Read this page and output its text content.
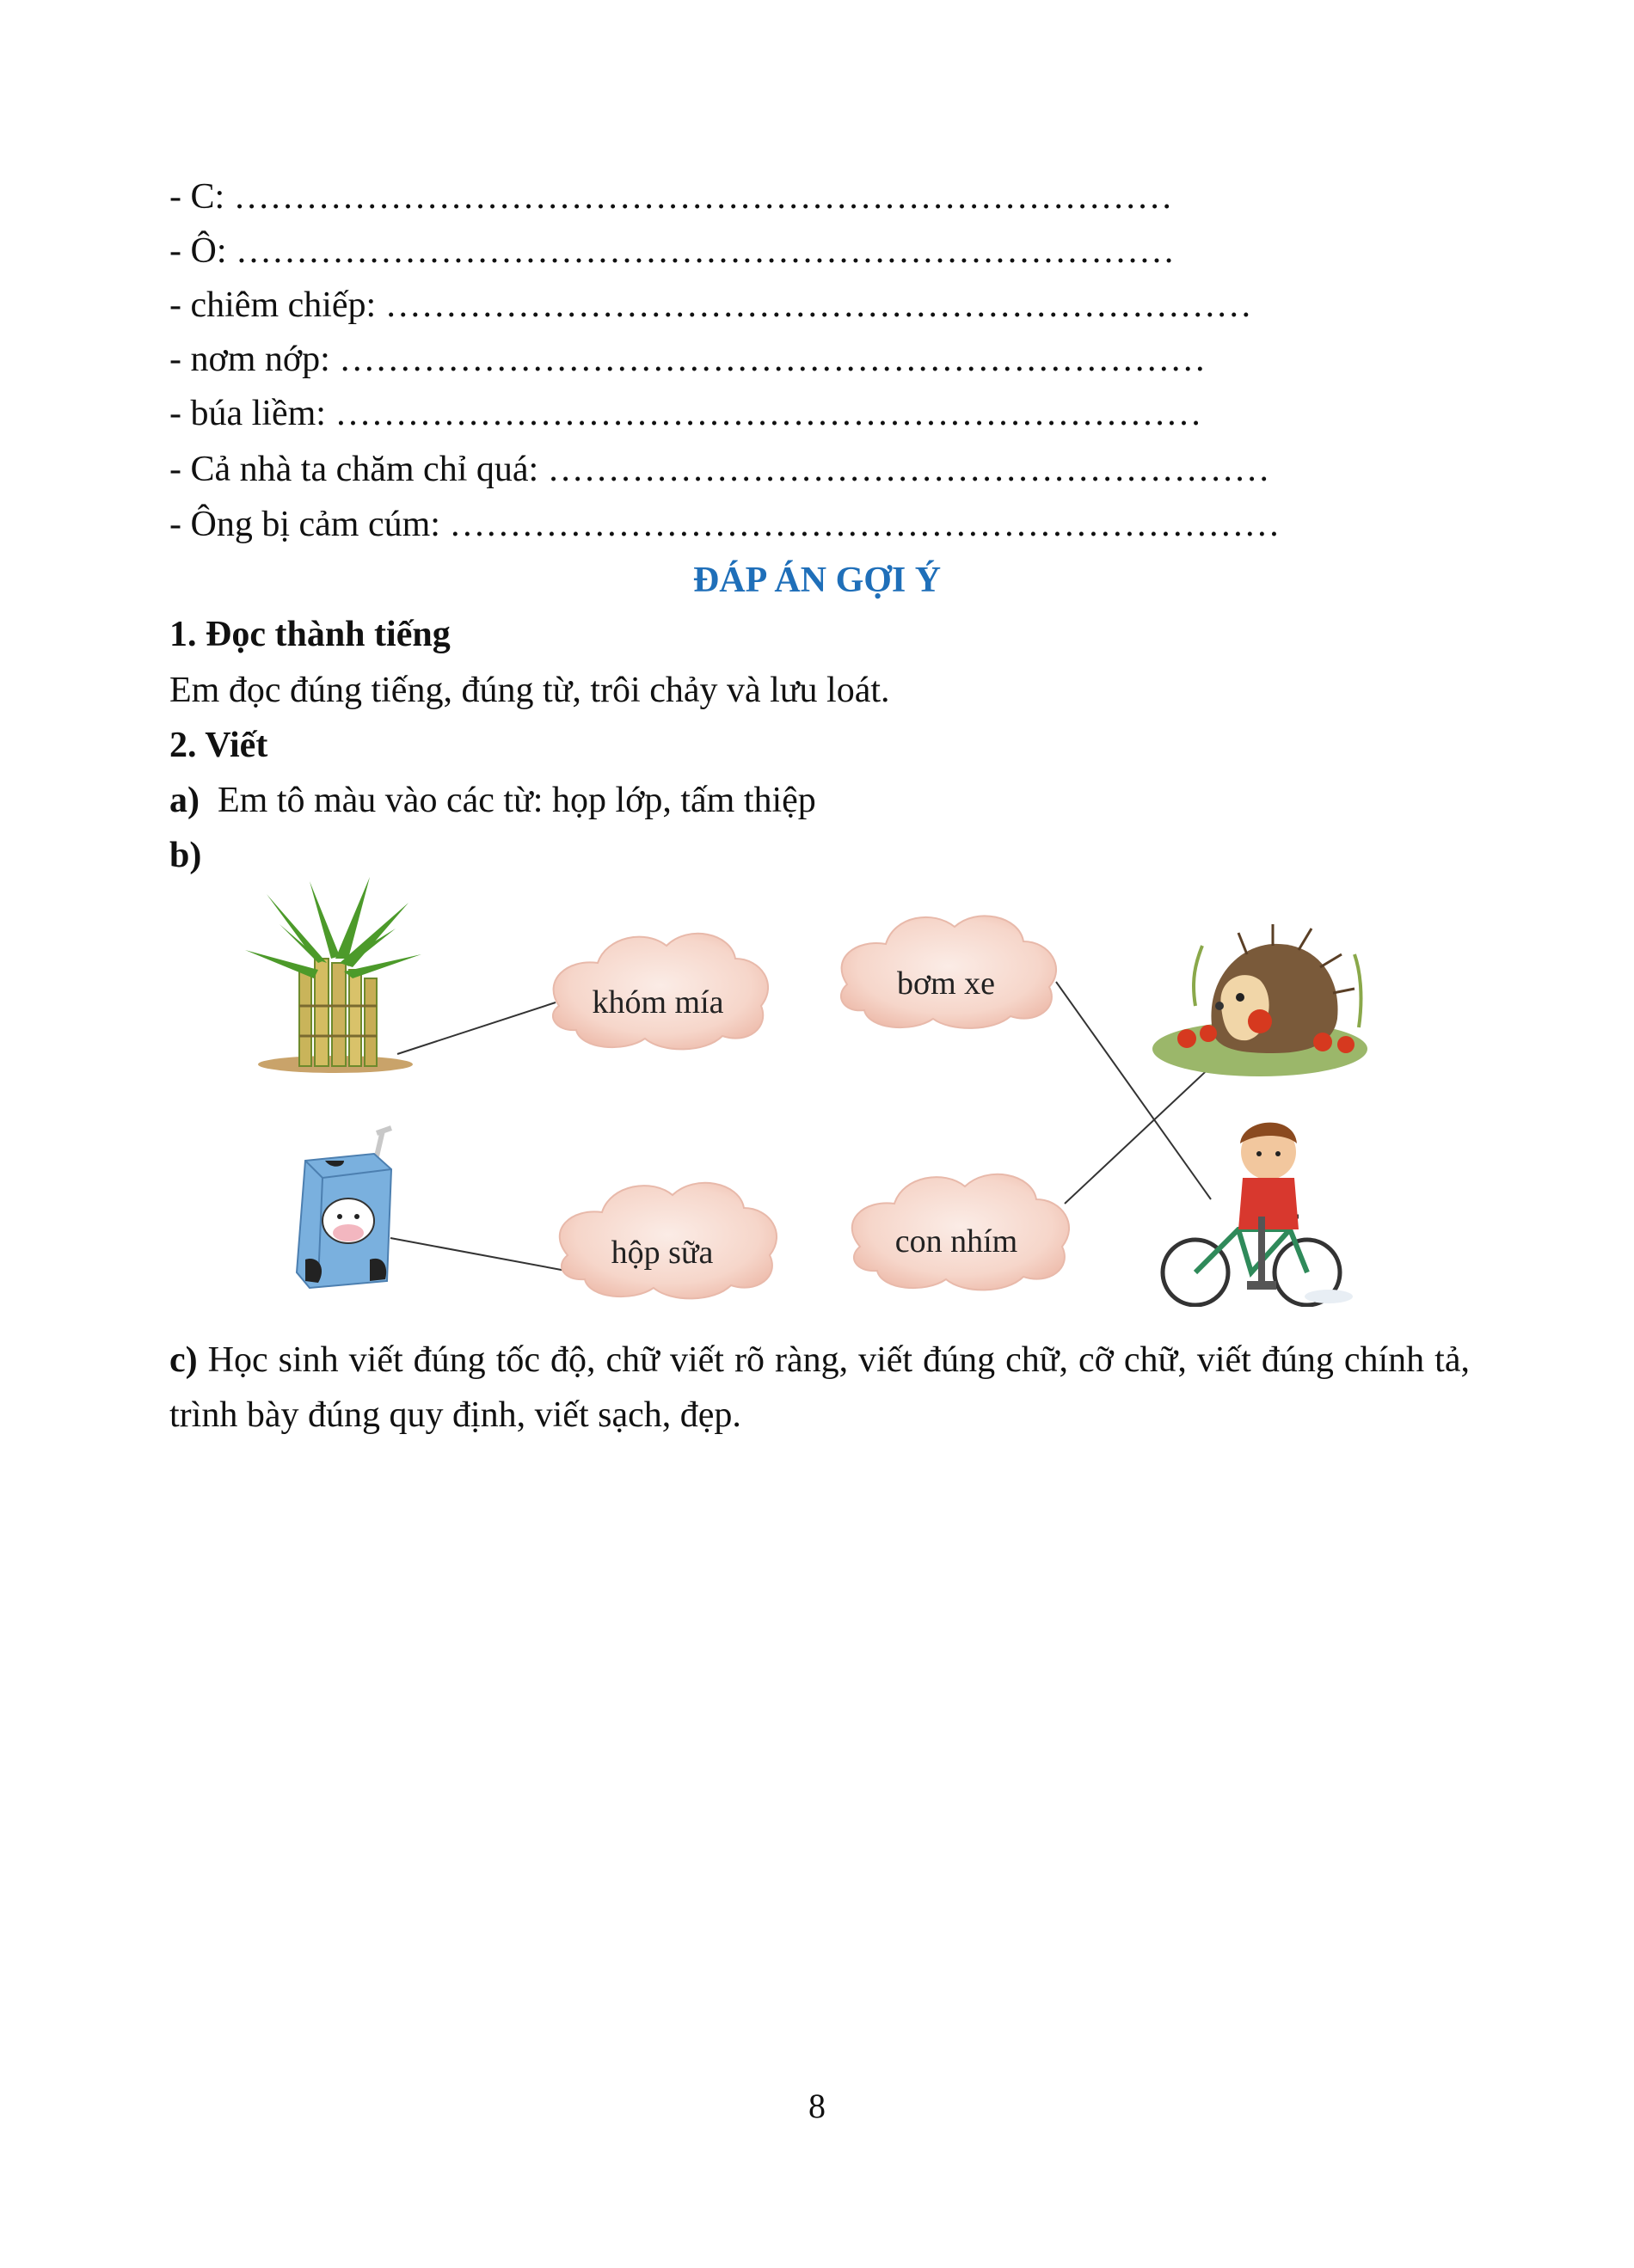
- C: ……………………………………………………………………
- Ô: ……………………………………………………………………
- chiêm chiếp: ………………………………………………………………
- nơm nớp: ………………………………………………………………
- búa liềm: ………………………………………………………………
- Cả nhà ta chăm chỉ quá: ……………………………………………………
- Ông bị cảm cúm: ……………………………………………………………
ĐÁP ÁN GỢI Ý
1. Đọc thành tiếng
Em đọc đúng tiếng, đúng từ, trôi chảy và lưu loát.
2. Viết
a) Em tô màu vào các từ: họp lớp, tấm thiệp
b)
khóm mía
bơm xe
hộp sữa	con nhím
c) Học sinh viết đúng tốc độ, chữ viết rõ ràng, viết đúng chữ, cỡ chữ, viết đúng chính tả, trình bày đúng quy định, viết sạch, đẹp.
8
